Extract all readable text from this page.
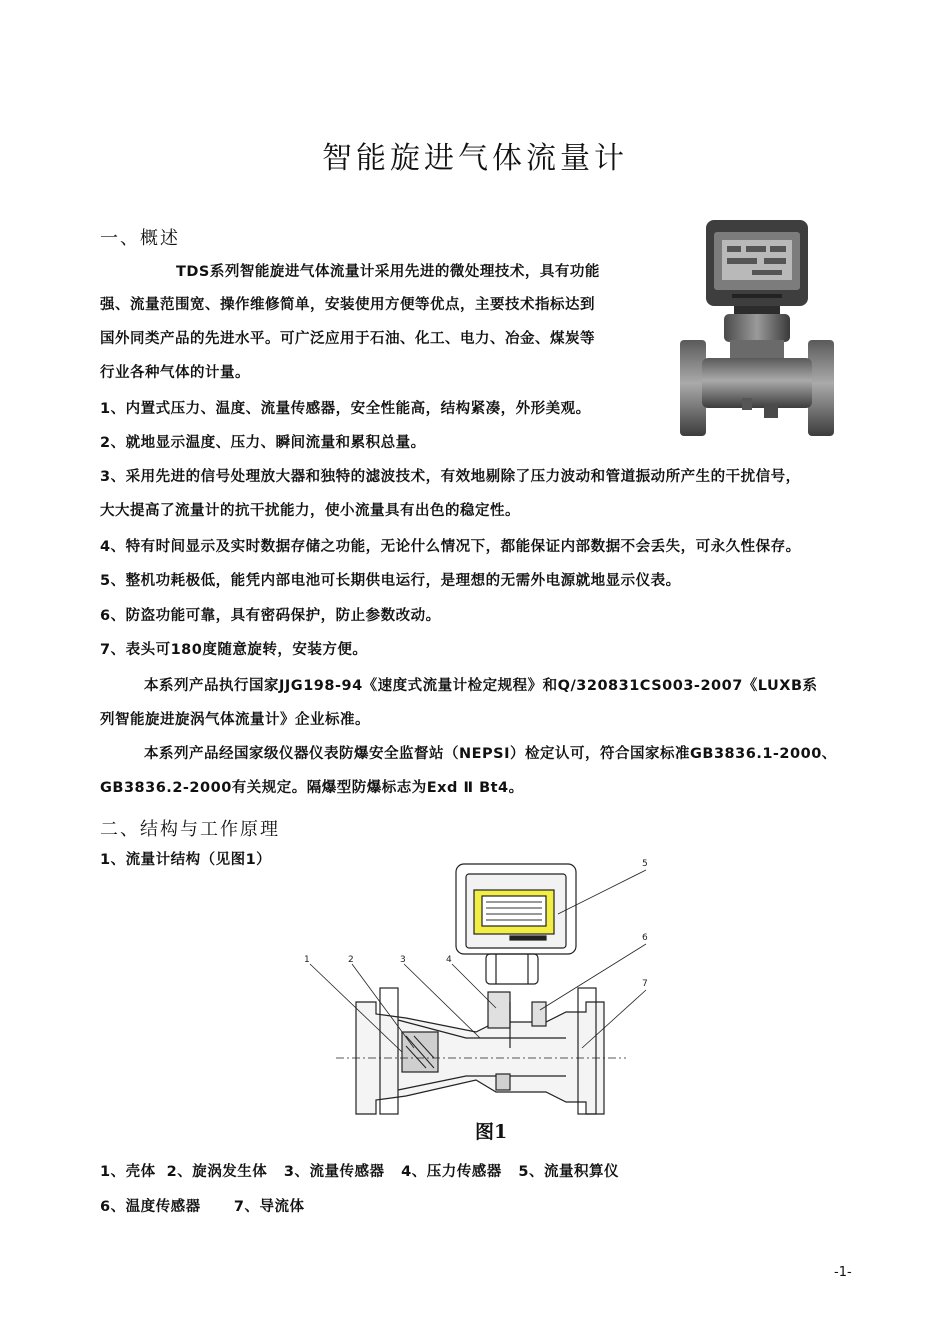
智能旋进气体流量计
一、概述
TDS系列智能旋进气体流量计采用先进的微处理技术，具有功能
强、流量范围宽、操作维修简单，安装使用方便等优点，主要技术指标达到
国外同类产品的先进水平。可广泛应用于石油、化工、电力、冶金、煤炭等
行业各种气体的计量。
1、内置式压力、温度、流量传感器，安全性能高，结构紧凑，外形美观。
2、就地显示温度、压力、瞬间流量和累积总量。
3、采用先进的信号处理放大器和独特的滤波技术，有效地剔除了压力波动和管道振动所产生的干扰信号，
大大提高了流量计的抗干扰能力，使小流量具有出色的稳定性。
4、特有时间显示及实时数据存储之功能，无论什么情况下，都能保证内部数据不会丢失，可永久性保存。
5、整机功耗极低，能凭内部电池可长期供电运行，是理想的无需外电源就地显示仪表。
6、防盗功能可靠，具有密码保护，防止参数改动。
7、表头可180度随意旋转，安装方便。
本系列产品执行国家JJG198-94《速度式流量计检定规程》和Q/320831CS003-2007《LUXB系
列智能旋进旋涡气体流量计》企业标准。
本系列产品经国家级仪器仪表防爆安全监督站（NEPSI）检定认可，符合国家标准GB3836.1-2000、
GB3836.2-2000有关规定。隔爆型防爆标志为Exd Ⅱ Bt4。
二、结构与工作原理
1、流量计结构（见图1）
1	2	3	4
5
6
7
图1
1、壳体  2、旋涡发生体   3、流量传感器   4、压力传感器   5、流量积算仪
6、温度传感器      7、导流体
-1-
